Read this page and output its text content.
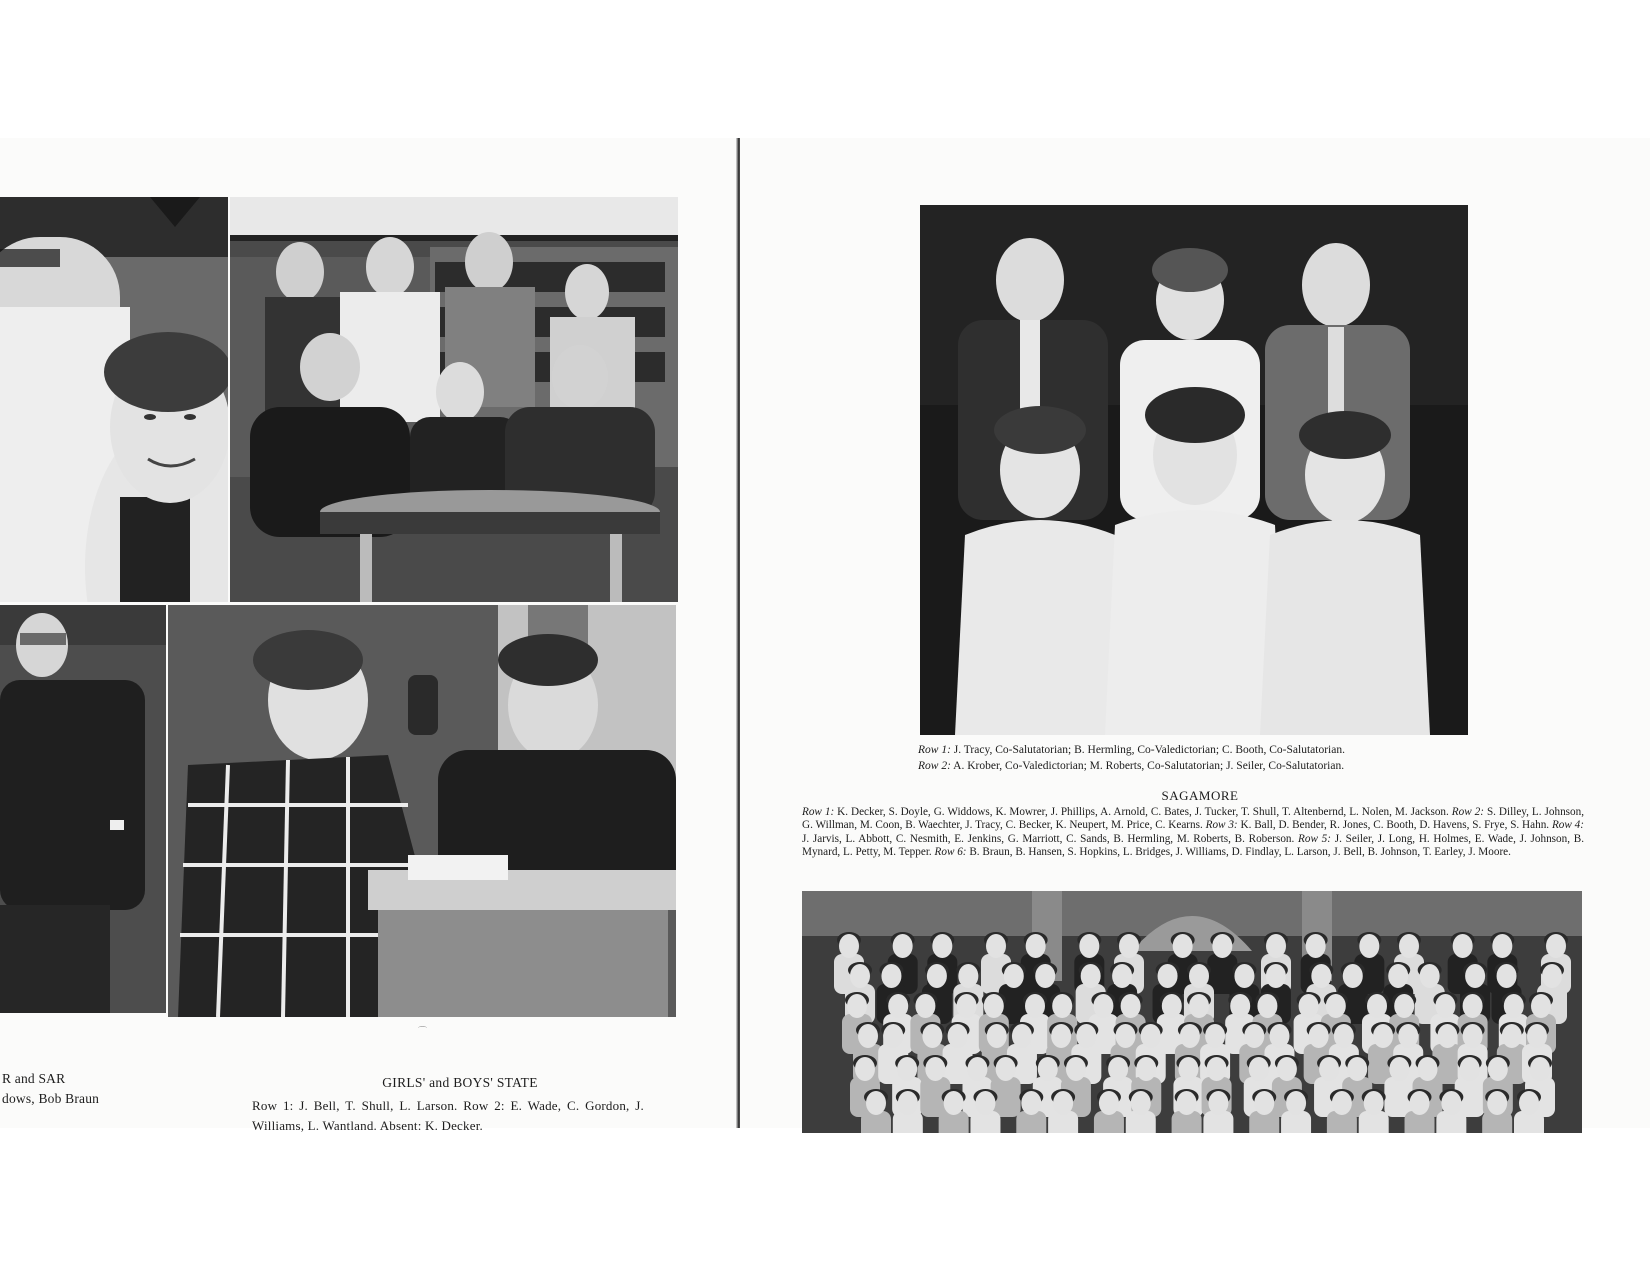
R and SAR
dows, Bob Braun
GIRLS' and BOYS' STATE
Row 1: J. Bell, T. Shull, L. Larson. Row 2: E. Wade, C. Gordon, J. Williams, L. Wantland. Absent: K. Decker.
⌒
Row 1: J. Tracy, Co-Salutatorian; B. Hermling, Co-Valedictorian; C. Booth, Co-Salutatorian.
Row 2: A. Krober, Co-Valedictorian; M. Roberts, Co-Salutatorian; J. Seiler, Co-Salutatorian.
SAGAMORE
Row 1: K. Decker, S. Doyle, G. Widdows, K. Mowrer, J. Phillips, A. Arnold, C. Bates, J. Tucker, T. Shull, T. Altenbernd, L. Nolen, M. Jackson. Row 2: S. Dilley, L. Johnson, G. Willman, M. Coon, B. Waechter, J. Tracy, C. Becker, K. Neupert, M. Price, C. Kearns. Row 3: K. Ball, D. Bender, R. Jones, C. Booth, D. Havens, S. Frye, S. Hahn. Row 4: J. Jarvis, L. Abbott, C. Nesmith, E. Jenkins, G. Marriott, C. Sands, B. Hermling, M. Roberts, B. Roberson. Row 5: J. Seiler, J. Long, H. Holmes, E. Wade, J. Johnson, B. Mynard, L. Petty, M. Tepper. Row 6: B. Braun, B. Hansen, S. Hopkins, L. Bridges, J. Williams, D. Findlay, L. Larson, J. Bell, B. Johnson, T. Earley, J. Moore.
